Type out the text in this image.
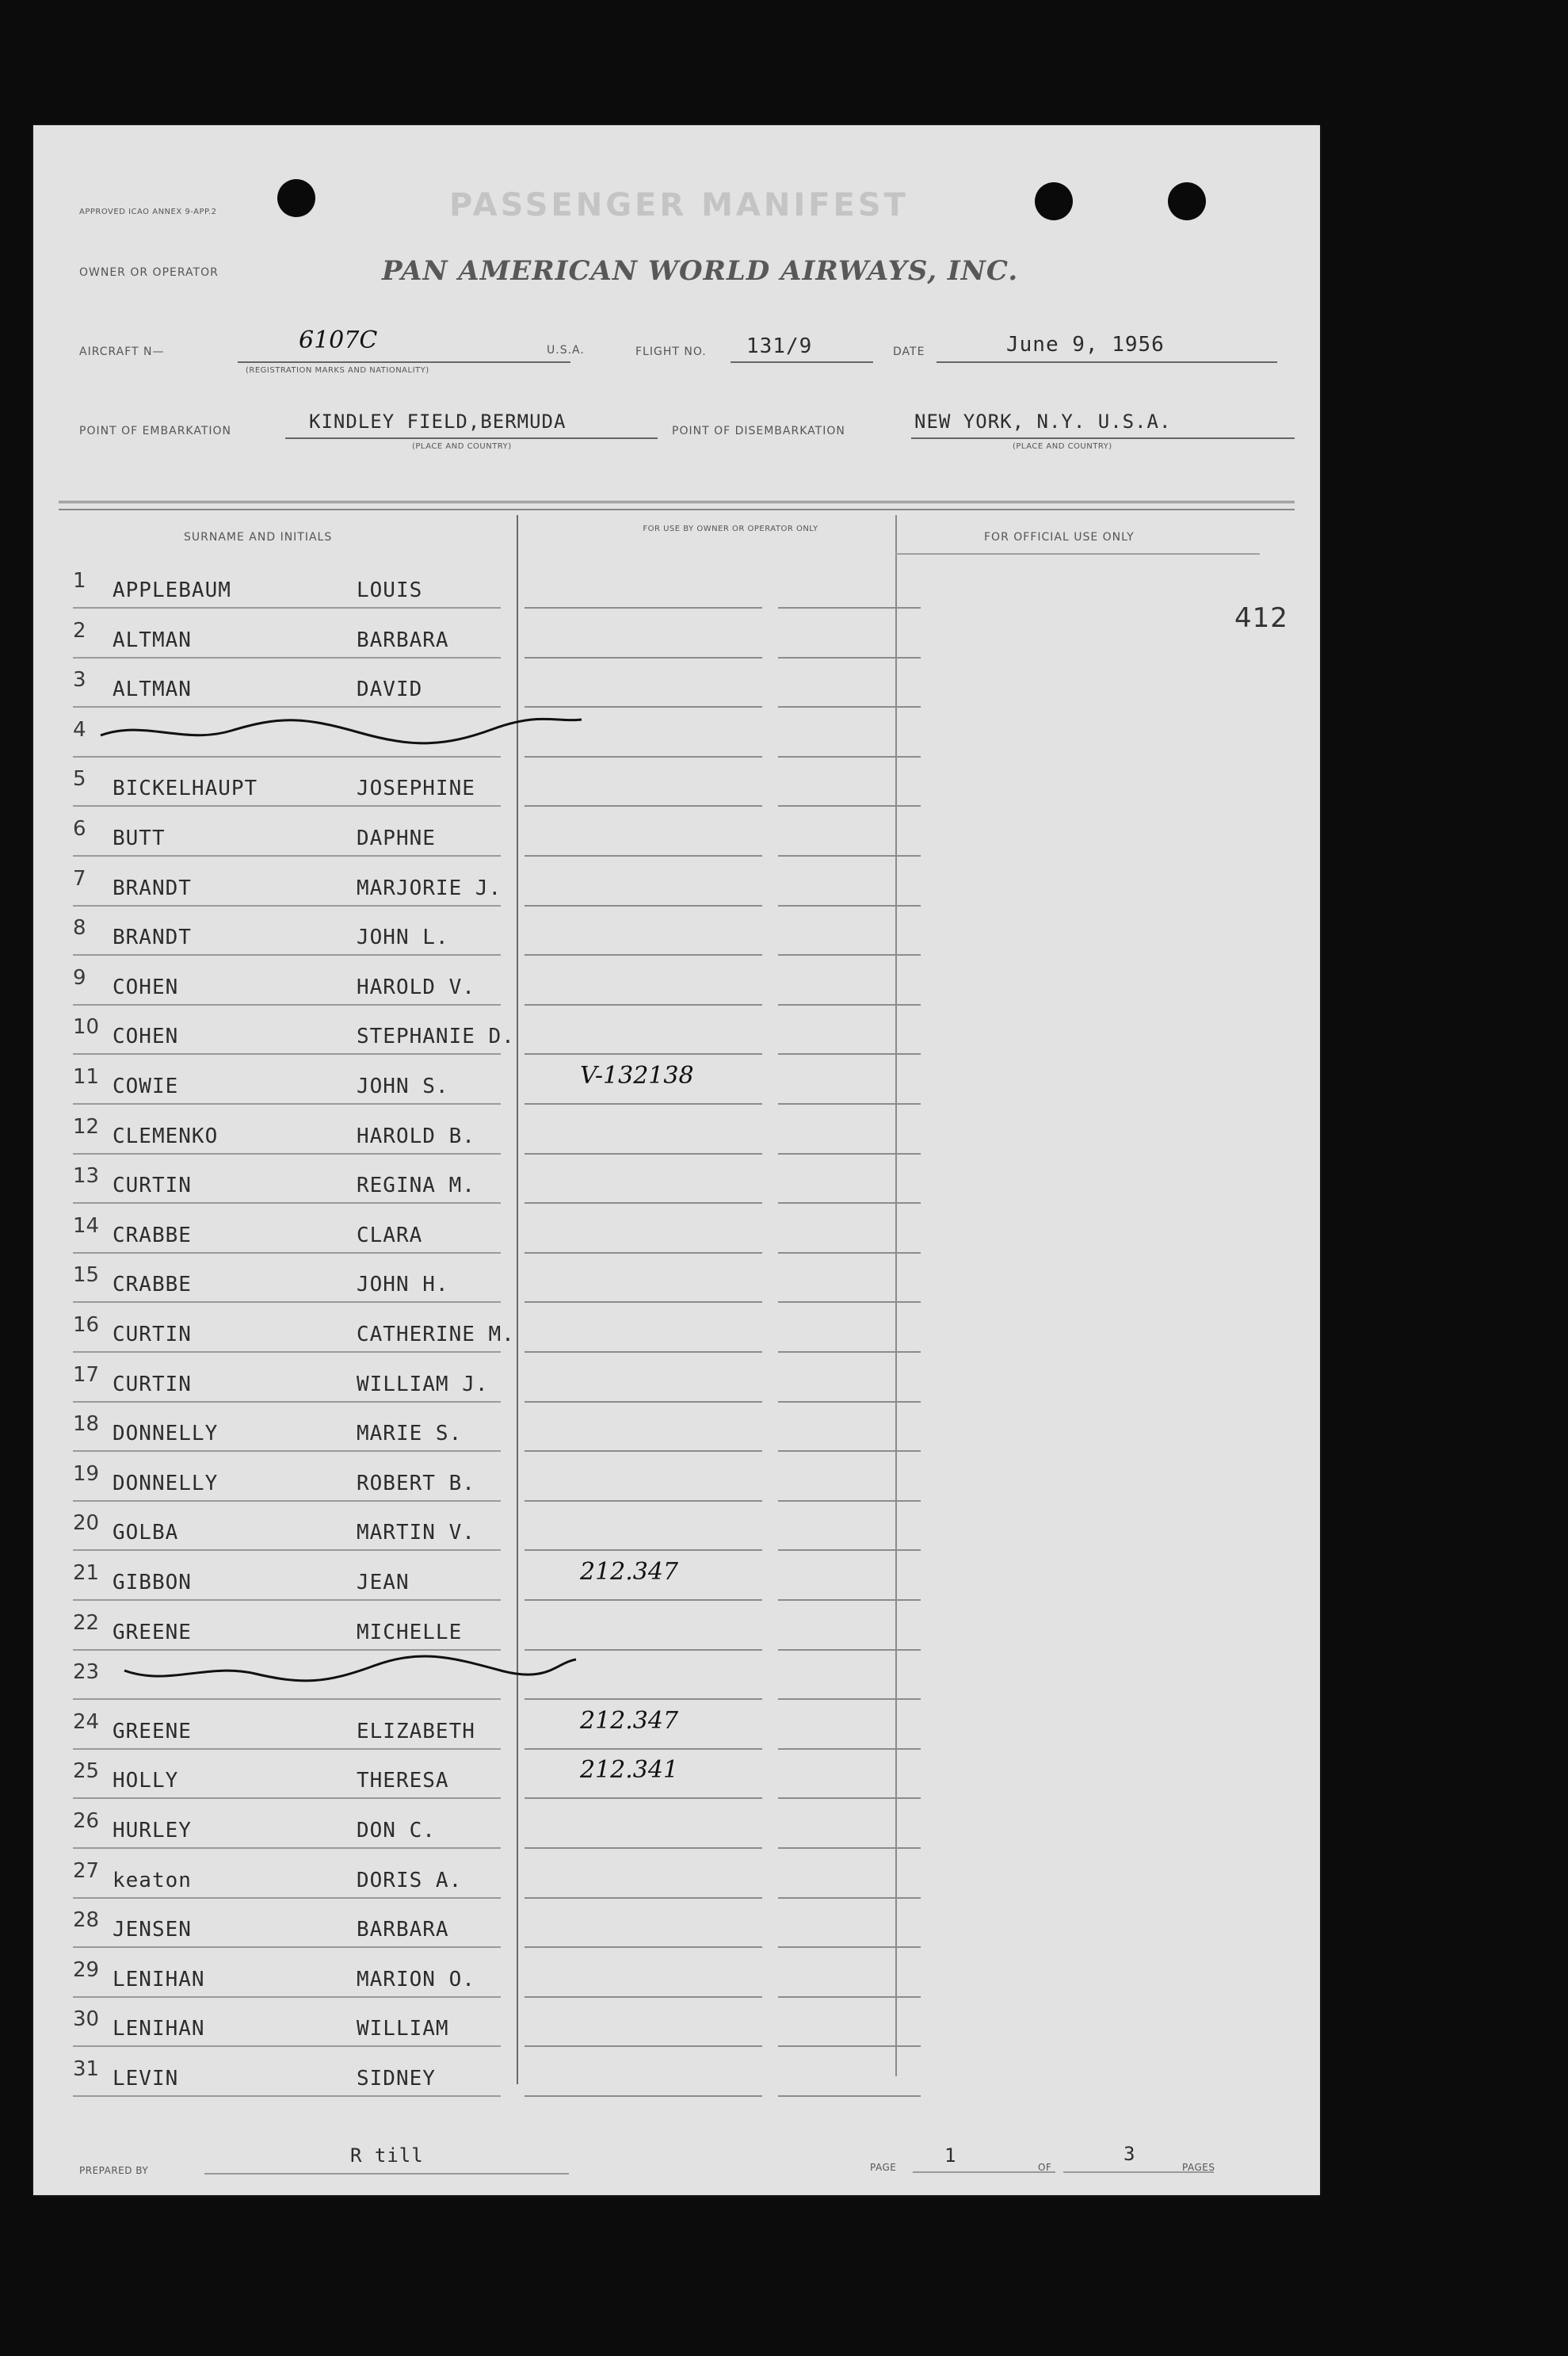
APPROVED ICAO ANNEX 9-APP.2	PASSENGER MANIFEST
OWNER OR OPERATOR	PAN AMERICAN WORLD AIRWAYS, INC.
AIRCRAFT N—	6107C
(REGISTRATION MARKS AND NATIONALITY)
U.S.A.	FLIGHT NO. 131/9	DATE	June 9, 1956
POINT OF EMBARKATION	KINDLEY FIELD,BERMUDA
(PLACE AND COUNTRY)
POINT OF DISEMBARKATION	NEW YORK, N.Y. U.S.A.
(PLACE AND COUNTRY)
SURNAME AND INITIALS
FOR USE BY OWNER OR OPERATOR ONLY
FOR OFFICIAL USE ONLY
412
1 APPLEBAUM	LOUIS
2 ALTMAN	BARBARA
3 ALTMAN	DAVID
4
5 BICKELHAUPT	JOSEPHINE
6 BUTT	DAPHNE
7 BRANDT	MARJORIE J.
8 BRANDT	JOHN L.
9 COHEN	HAROLD V.
10 COHEN	STEPHANIE D.
11 COWIE	JOHN S.	V-132138
12 CLEMENKO	HAROLD B.
13 CURTIN	REGINA M.
14 CRABBE	CLARA
15 CRABBE	JOHN H.
16 CURTIN	CATHERINE M.
17 CURTIN	WILLIAM J.
18 DONNELLY	MARIE S.
19 DONNELLY	ROBERT B.
20 GOLBA	MARTIN V.
21 GIBBON	JEAN	212.347
22 GREENE	MICHELLE
23
24 GREENE	ELIZABETH	212.347
25 HOLLY	THERESA	212.341
26 HURLEY	DON C.
27 keaton	DORIS A.
28 JENSEN	BARBARA
29 LENIHAN	MARION O.
30 LENIHAN	WILLIAM
31 LEVIN	SIDNEY
PREPARED BY
R till
PAGE
1
OF
3
PAGES
